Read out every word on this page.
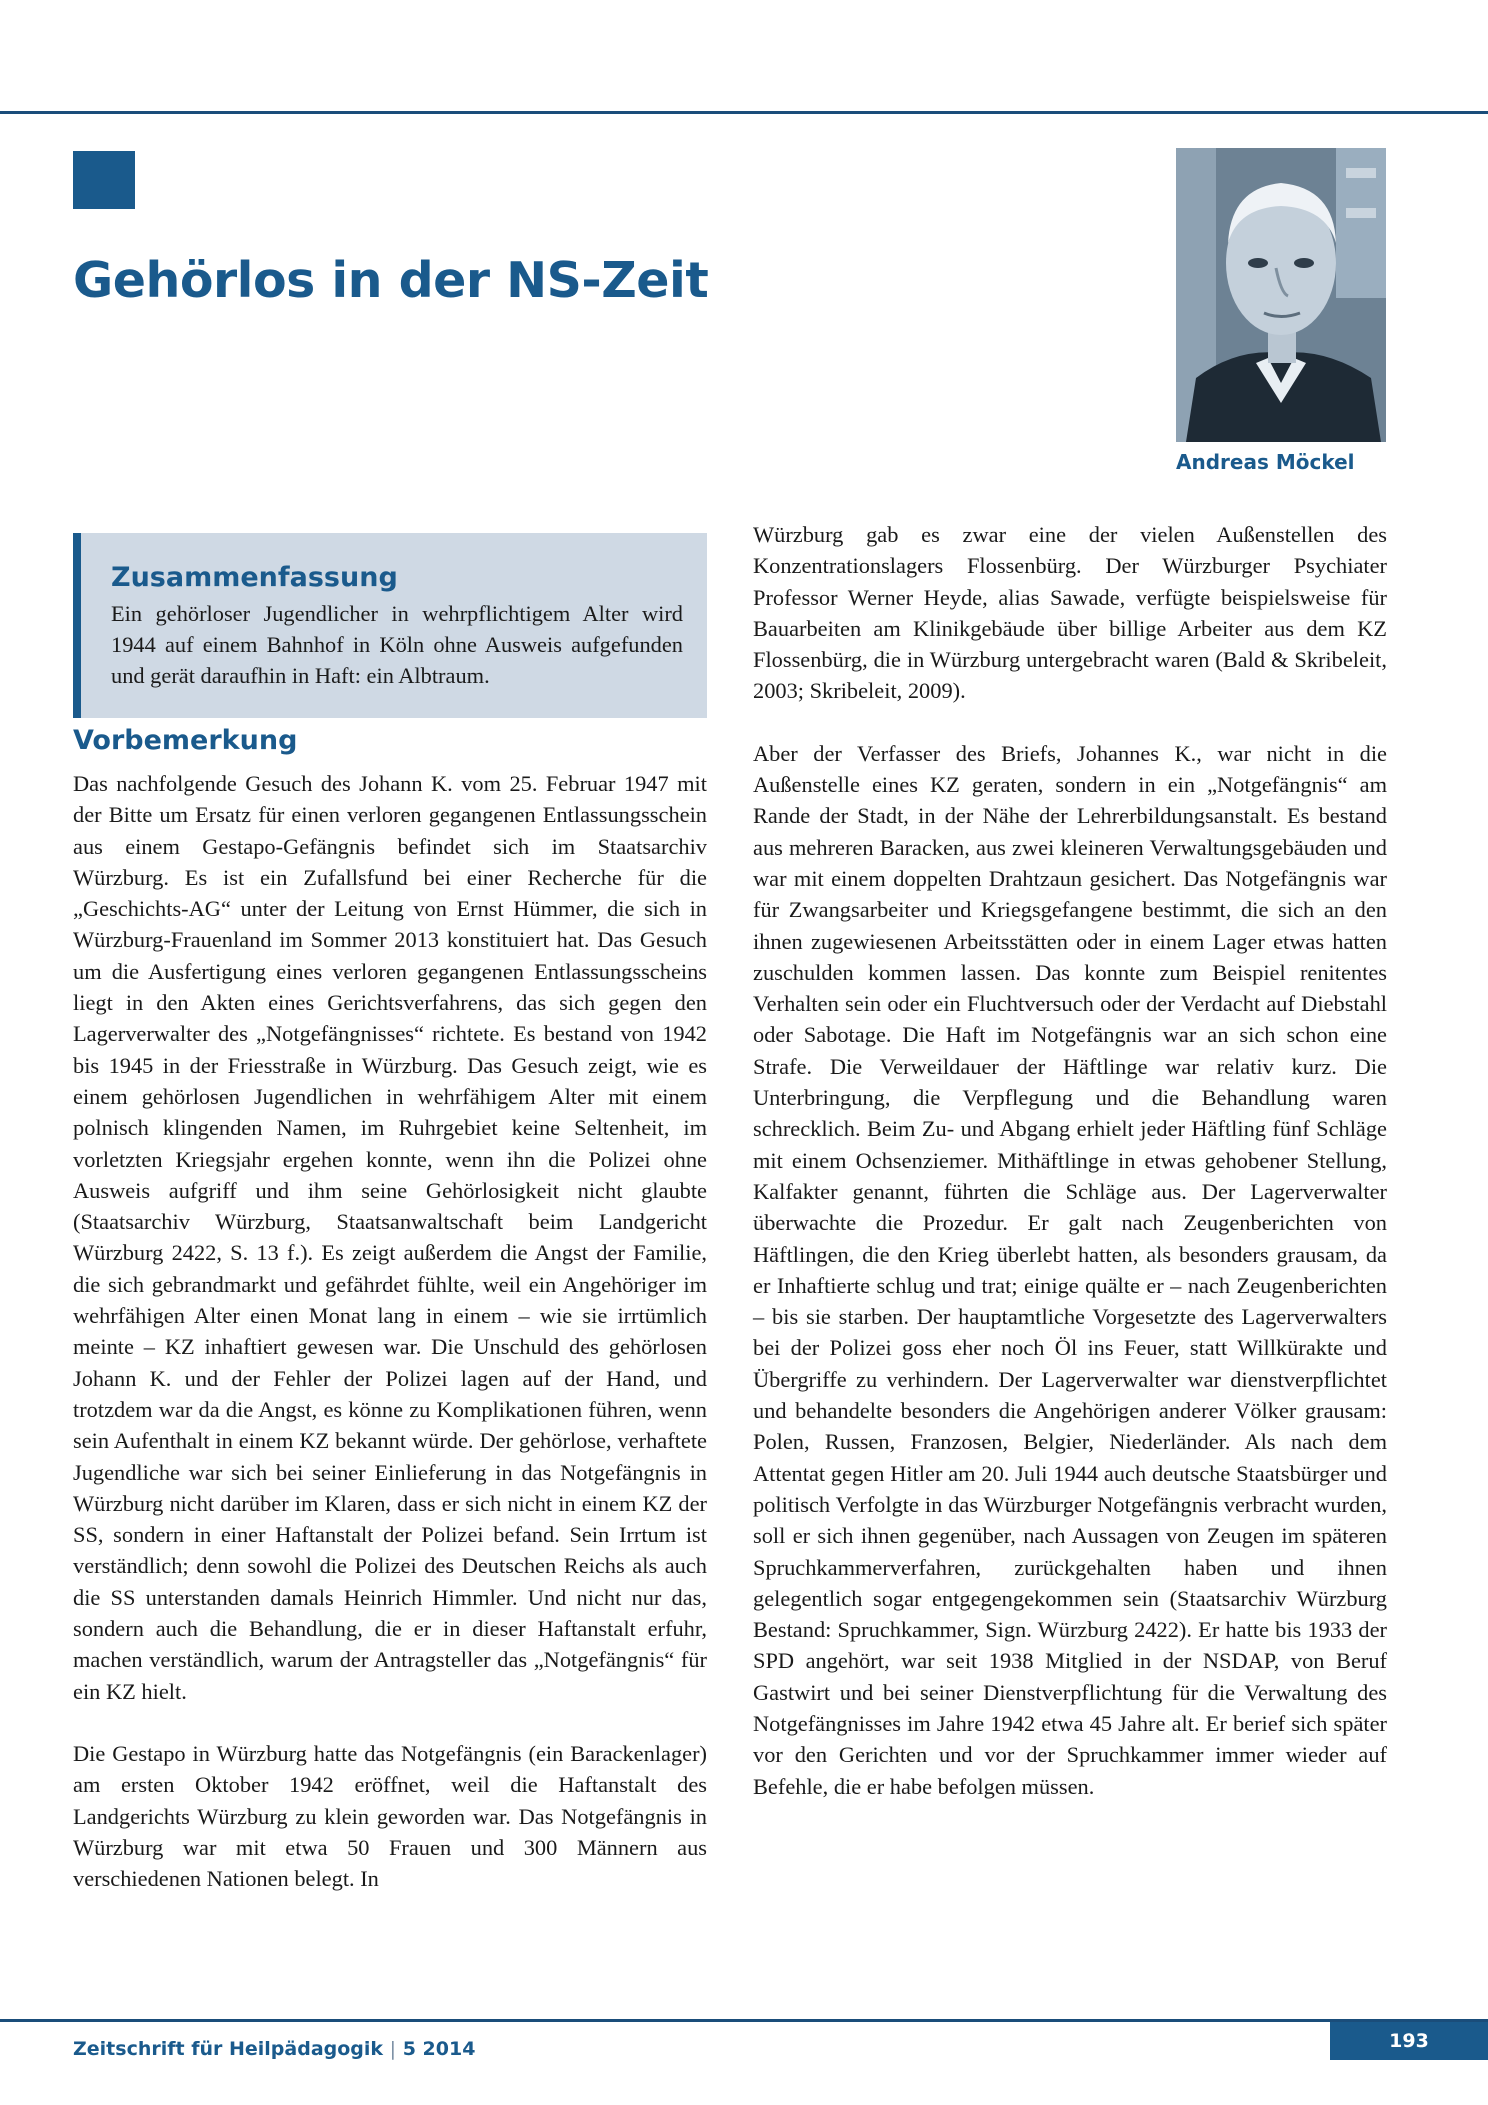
Gehörlos in der NS-Zeit

Andreas Möckel

Zusammenfassung

Ein gehörloser Jugendlicher in wehrpflichtigem Alter wird 1944 auf einem Bahnhof in Köln ohne Ausweis aufgefunden und gerät daraufhin in Haft: ein Albtraum.

Vorbemerkung

Das nachfolgende Gesuch des Johann K. vom 25. Februar 1947 mit der Bitte um Ersatz für einen verloren gegangenen Entlassungsschein aus einem Gestapo-Gefängnis befindet sich im Staatsarchiv Würzburg. Es ist ein Zufallsfund bei einer Recherche für die „Geschichts-AG“ unter der Leitung von Ernst Hümmer, die sich in Würzburg-Frauenland im Sommer 2013 konstituiert hat. Das Gesuch um die Ausfertigung eines verloren gegangenen Entlassungsscheins liegt in den Akten eines Gerichtsverfahrens, das sich gegen den Lagerverwalter des „Notgefängnisses“ richtete. Es bestand von 1942 bis 1945 in der Friesstraße in Würzburg. Das Gesuch zeigt, wie es einem gehörlosen Jugendlichen in wehrfähigem Alter mit einem polnisch klingenden Namen, im Ruhrgebiet keine Seltenheit, im vorletzten Kriegsjahr ergehen konnte, wenn ihn die Polizei ohne Ausweis aufgriff und ihm seine Gehörlosigkeit nicht glaubte (Staatsarchiv Würzburg, Staatsanwaltschaft beim Landgericht Würzburg 2422, S. 13 f.). Es zeigt außerdem die Angst der Familie, die sich gebrandmarkt und gefährdet fühlte, weil ein Angehöriger im wehrfähigen Alter einen Monat lang in einem – wie sie irrtümlich meinte – KZ inhaftiert gewesen war. Die Unschuld des gehörlosen Johann K. und der Fehler der Polizei lagen auf der Hand, und trotzdem war da die Angst, es könne zu Komplikationen führen, wenn sein Aufenthalt in einem KZ bekannt würde. Der gehörlose, verhaftete Jugendliche war sich bei seiner Einlieferung in das Notgefängnis in Würzburg nicht darüber im Klaren, dass er sich nicht in einem KZ der SS, sondern in einer Haftanstalt der Polizei befand. Sein Irrtum ist verständlich; denn sowohl die Polizei des Deutschen Reichs als auch die SS unterstanden damals Heinrich Himmler. Und nicht nur das, sondern auch die Behandlung, die er in dieser Haftanstalt erfuhr, machen verständlich, warum der Antragsteller das „Notgefängnis“ für ein KZ hielt.

Die Gestapo in Würzburg hatte das Notgefängnis (ein Barackenlager) am ersten Oktober 1942 eröffnet, weil die Haftanstalt des Landgerichts Würzburg zu klein geworden war. Das Notgefängnis in Würzburg war mit etwa 50 Frauen und 300 Männern aus verschiedenen Nationen belegt. In

Würzburg gab es zwar eine der vielen Außenstellen des Konzentrationslagers Flossenbürg. Der Würzburger Psychiater Professor Werner Heyde, alias Sawade, verfügte beispielsweise für Bauarbeiten am Klinikgebäude über billige Arbeiter aus dem KZ Flossenbürg, die in Würzburg untergebracht waren (Bald & Skribeleit, 2003; Skribeleit, 2009).

Aber der Verfasser des Briefs, Johannes K., war nicht in die Außenstelle eines KZ geraten, sondern in ein „Notgefängnis“ am Rande der Stadt, in der Nähe der Lehrerbildungsanstalt. Es bestand aus mehreren Baracken, aus zwei kleineren Verwaltungsgebäuden und war mit einem doppelten Drahtzaun gesichert. Das Notgefängnis war für Zwangsarbeiter und Kriegsgefangene bestimmt, die sich an den ihnen zugewiesenen Arbeitsstätten oder in einem Lager etwas hatten zuschulden kommen lassen. Das konnte zum Beispiel renitentes Verhalten sein oder ein Fluchtversuch oder der Verdacht auf Diebstahl oder Sabotage. Die Haft im Notgefängnis war an sich schon eine Strafe. Die Verweildauer der Häftlinge war relativ kurz. Die Unterbringung, die Verpflegung und die Behandlung waren schrecklich. Beim Zu- und Abgang erhielt jeder Häftling fünf Schläge mit einem Ochsenziemer. Mithäftlinge in etwas gehobener Stellung, Kalfakter genannt, führten die Schläge aus. Der Lagerverwalter überwachte die Prozedur. Er galt nach Zeugenberichten von Häftlingen, die den Krieg überlebt hatten, als besonders grausam, da er Inhaftierte schlug und trat; einige quälte er – nach Zeugenberichten – bis sie starben. Der hauptamtliche Vorgesetzte des Lagerverwalters bei der Polizei goss eher noch Öl ins Feuer, statt Willkürakte und Übergriffe zu verhindern. Der Lagerverwalter war dienstverpflichtet und behandelte besonders die Angehörigen anderer Völker grausam: Polen, Russen, Franzosen, Belgier, Niederländer. Als nach dem Attentat gegen Hitler am 20. Juli 1944 auch deutsche Staatsbürger und politisch Verfolgte in das Würzburger Notgefängnis verbracht wurden, soll er sich ihnen gegenüber, nach Aussagen von Zeugen im späteren Spruchkammerverfahren, zurückgehalten haben und ihnen gelegentlich sogar entgegengekommen sein (Staatsarchiv Würzburg Bestand: Spruchkammer, Sign. Würzburg 2422). Er hatte bis 1933 der SPD angehört, war seit 1938 Mitglied in der NSDAP, von Beruf Gastwirt und bei seiner Dienstverpflichtung für die Verwaltung des Notgefängnisses im Jahre 1942 etwa 45 Jahre alt. Er berief sich später vor den Gerichten und vor der Spruchkammer immer wieder auf Befehle, die er habe befolgen müssen.

Zeitschrift für Heilpädagogik | 5 2014	193
